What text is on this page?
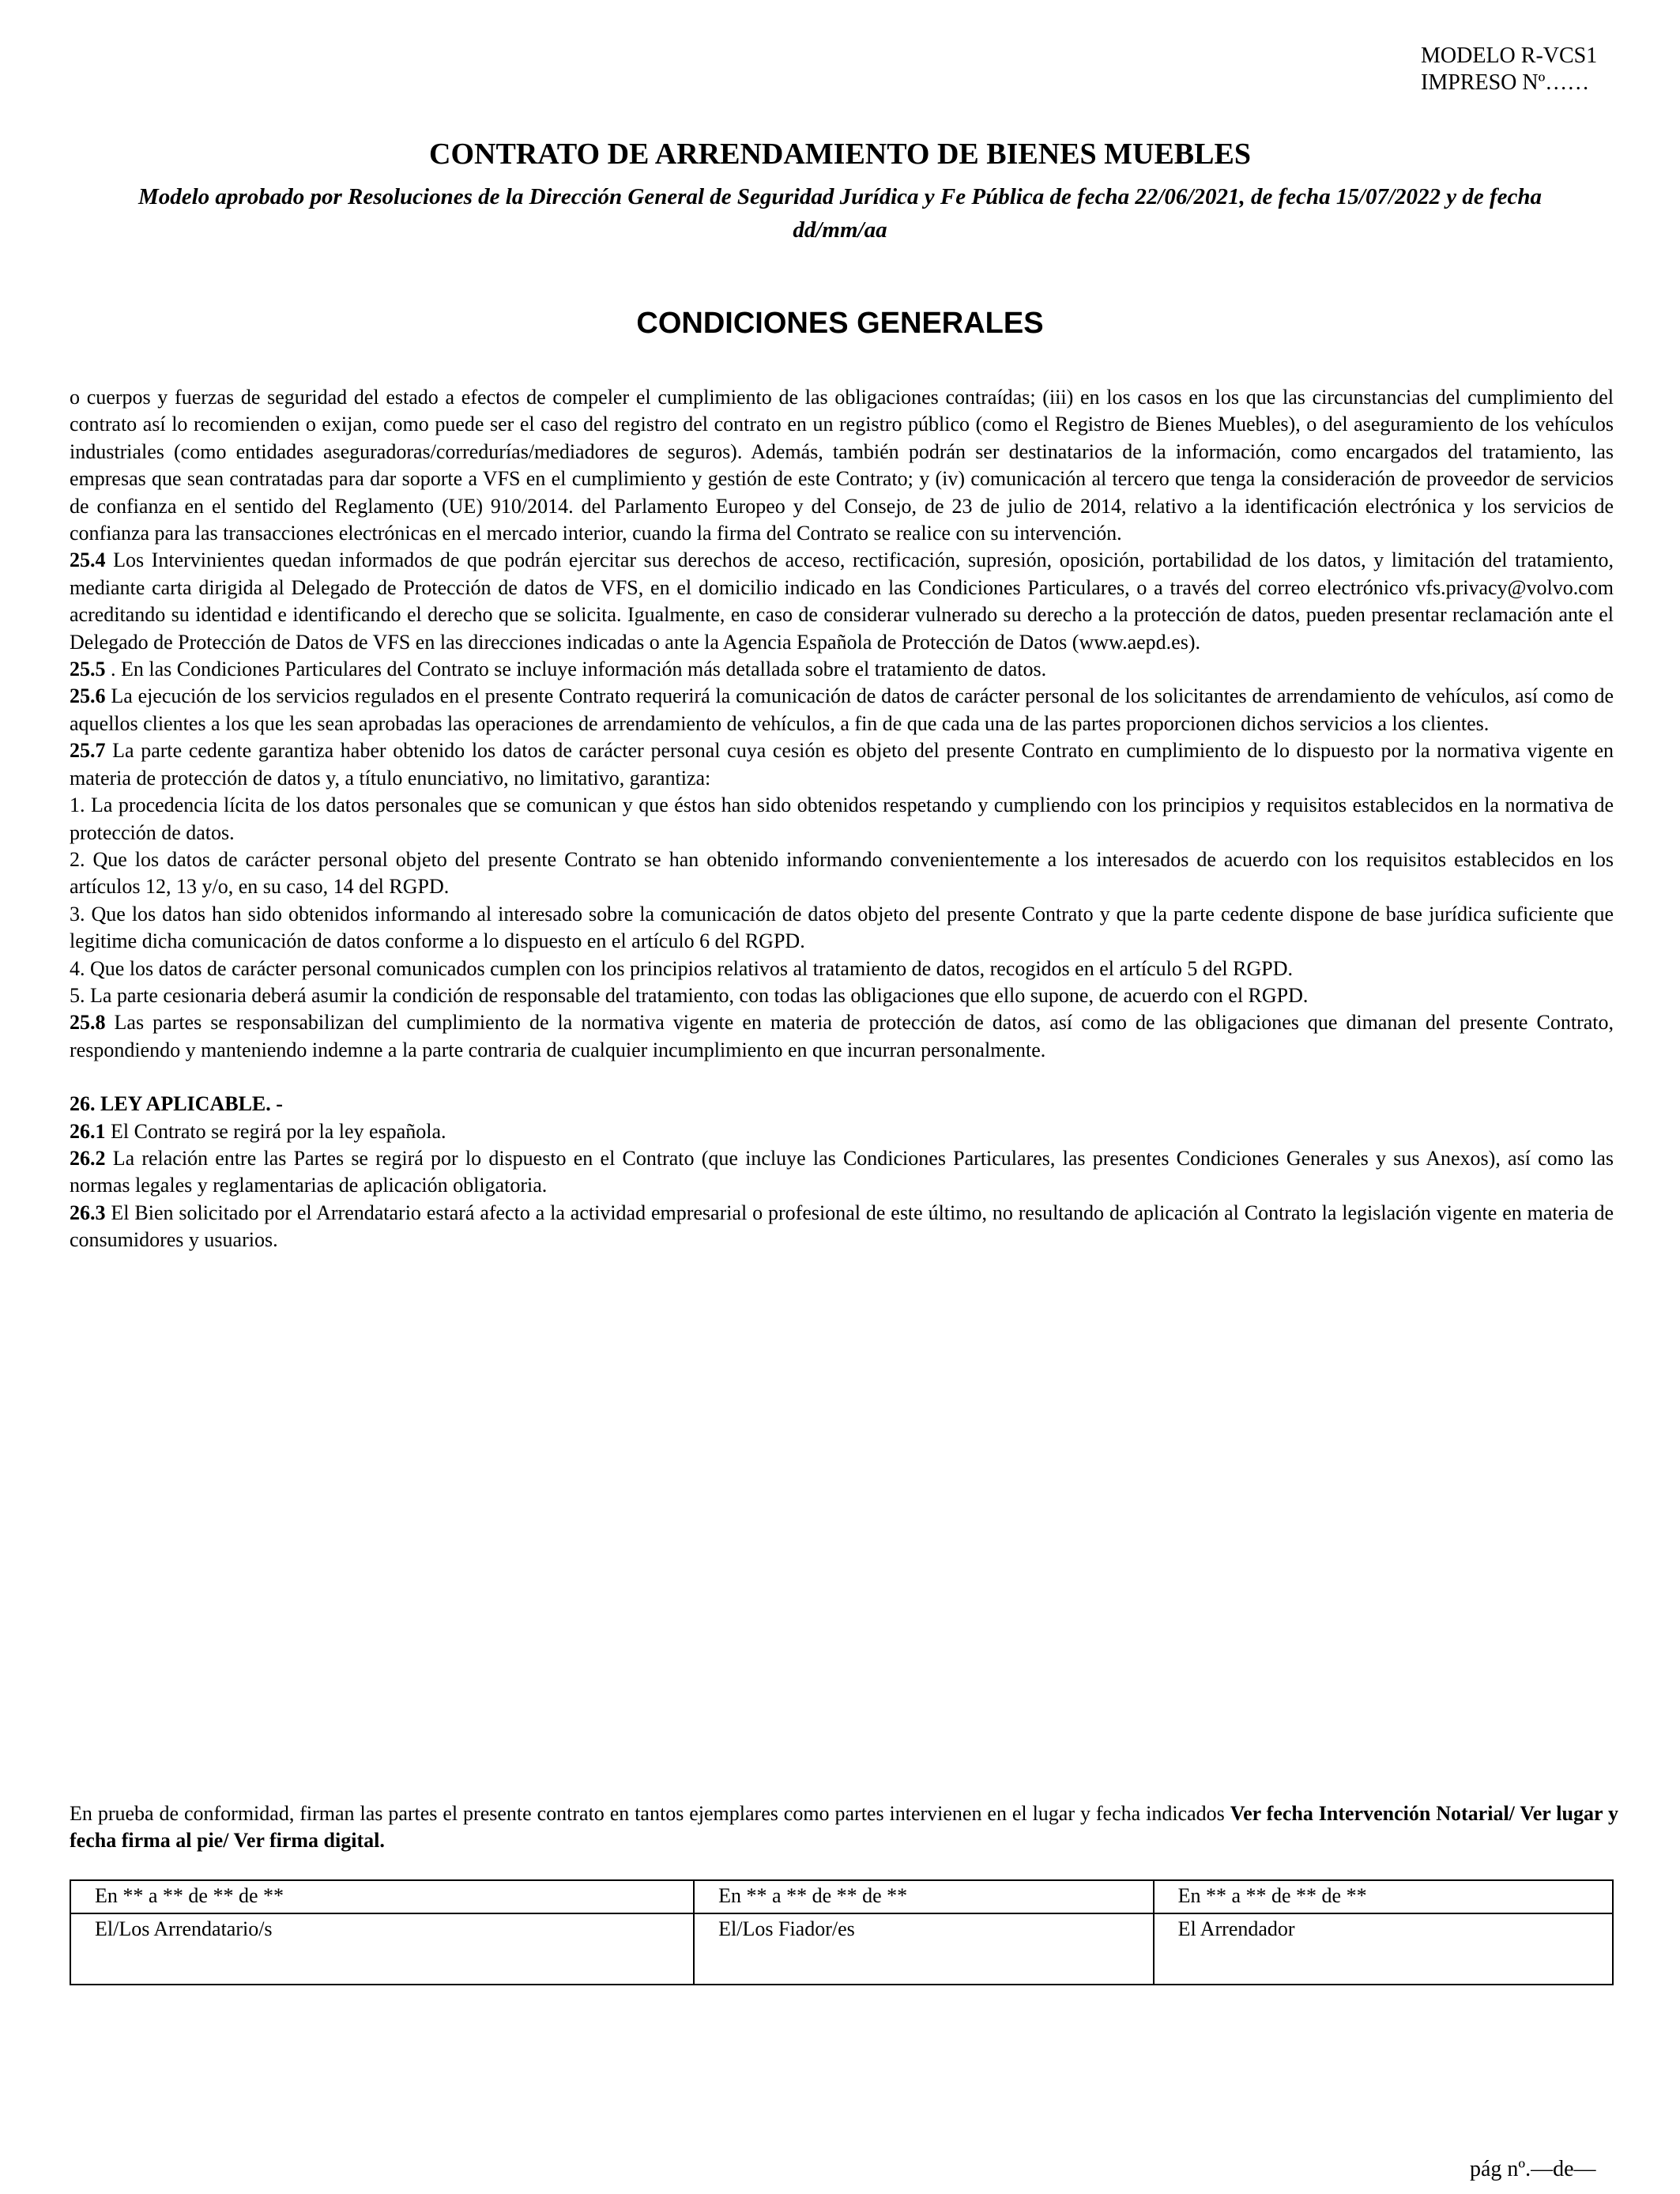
MODELO R-VCS1
IMPRESO Nº……
CONTRATO DE ARRENDAMIENTO DE BIENES MUEBLES
Modelo aprobado por Resoluciones de la Dirección General de Seguridad Jurídica y Fe Pública de fecha 22/06/2021, de fecha 15/07/2022 y de fecha dd/mm/aa
CONDICIONES GENERALES

o cuerpos y fuerzas de seguridad del estado a efectos de compeler el cumplimiento de las obligaciones contraídas; (iii) en los casos en los que las circunstancias del cumplimiento del contrato así lo recomienden o exijan, como puede ser el caso del registro del contrato en un registro público (como el Registro de Bienes Muebles), o del aseguramiento de los vehículos industriales (como entidades aseguradoras/corredurías/mediadores de seguros). Además, también podrán ser destinatarios de la información, como encargados del tratamiento, las empresas que sean contratadas para dar soporte a VFS en el cumplimiento y gestión de este Contrato; y (iv) comunicación al tercero que tenga la consideración de proveedor de servicios de confianza en el sentido del Reglamento (UE) 910/2014. del Parlamento Europeo y del Consejo, de 23 de julio de 2014, relativo a la identificación electrónica y los servicios de confianza para las transacciones electrónicas en el mercado interior, cuando la firma del Contrato se realice con su intervención.

25.4 Los Intervinientes quedan informados de que podrán ejercitar sus derechos de acceso, rectificación, supresión, oposición, portabilidad de los datos, y limitación del tratamiento, mediante carta dirigida al Delegado de Protección de datos de VFS, en el domicilio indicado en las Condiciones Particulares, o a través del correo electrónico vfs.privacy@volvo.com acreditando su identidad e identificando el derecho que se solicita. Igualmente, en caso de considerar vulnerado su derecho a la protección de datos, pueden presentar reclamación ante el Delegado de Protección de Datos de VFS en las direcciones indicadas o ante la Agencia Española de Protección de Datos (www.aepd.es).

25.5 . En las Condiciones Particulares del Contrato se incluye información más detallada sobre el tratamiento de datos.

25.6 La ejecución de los servicios regulados en el presente Contrato requerirá la comunicación de datos de carácter personal de los solicitantes de arrendamiento de vehículos, así como de aquellos clientes a los que les sean aprobadas las operaciones de arrendamiento de vehículos, a fin de que cada una de las partes proporcionen dichos servicios a los clientes.

25.7 La parte cedente garantiza haber obtenido los datos de carácter personal cuya cesión es objeto del presente Contrato en cumplimiento de lo dispuesto por la normativa vigente en materia de protección de datos y, a título enunciativo, no limitativo, garantiza:

1. La procedencia lícita de los datos personales que se comunican y que éstos han sido obtenidos respetando y cumpliendo con los principios y requisitos establecidos en la normativa de protección de datos.

2. Que los datos de carácter personal objeto del presente Contrato se han obtenido informando convenientemente a los interesados de acuerdo con los requisitos establecidos en los artículos 12, 13 y/o, en su caso, 14 del RGPD.

3. Que los datos han sido obtenidos informando al interesado sobre la comunicación de datos objeto del presente Contrato y que la parte cedente dispone de base jurídica suficiente que legitime dicha comunicación de datos conforme a lo dispuesto en el artículo 6 del RGPD.

4. Que los datos de carácter personal comunicados cumplen con los principios relativos al tratamiento de datos, recogidos en el artículo 5 del RGPD.

5. La parte cesionaria deberá asumir la condición de responsable del tratamiento, con todas las obligaciones que ello supone, de acuerdo con el RGPD.

25.8 Las partes se responsabilizan del cumplimiento de la normativa vigente en materia de protección de datos, así como de las obligaciones que dimanan del presente Contrato, respondiendo y manteniendo indemne a la parte contraria de cualquier incumplimiento en que incurran personalmente.

26. LEY APLICABLE. -

26.1 El Contrato se regirá por la ley española.

26.2 La relación entre las Partes se regirá por lo dispuesto en el Contrato (que incluye las Condiciones Particulares, las presentes Condiciones Generales y sus Anexos), así como las normas legales y reglamentarias de aplicación obligatoria.

26.3 El Bien solicitado por el Arrendatario estará afecto a la actividad empresarial o profesional de este último, no resultando de aplicación al Contrato la legislación vigente en materia de consumidores y usuarios.

En prueba de conformidad, firman las partes el presente contrato en tantos ejemplares como partes intervienen en el lugar y fecha indicados Ver fecha Intervención Notarial/ Ver lugar y fecha firma al pie/ Ver firma digital.
En ** a ** de ** de **	En ** a ** de ** de **	En ** a ** de ** de **
El/Los Arrendatario/s	El/Los Fiador/es	El Arrendador
pág nº.—de—
